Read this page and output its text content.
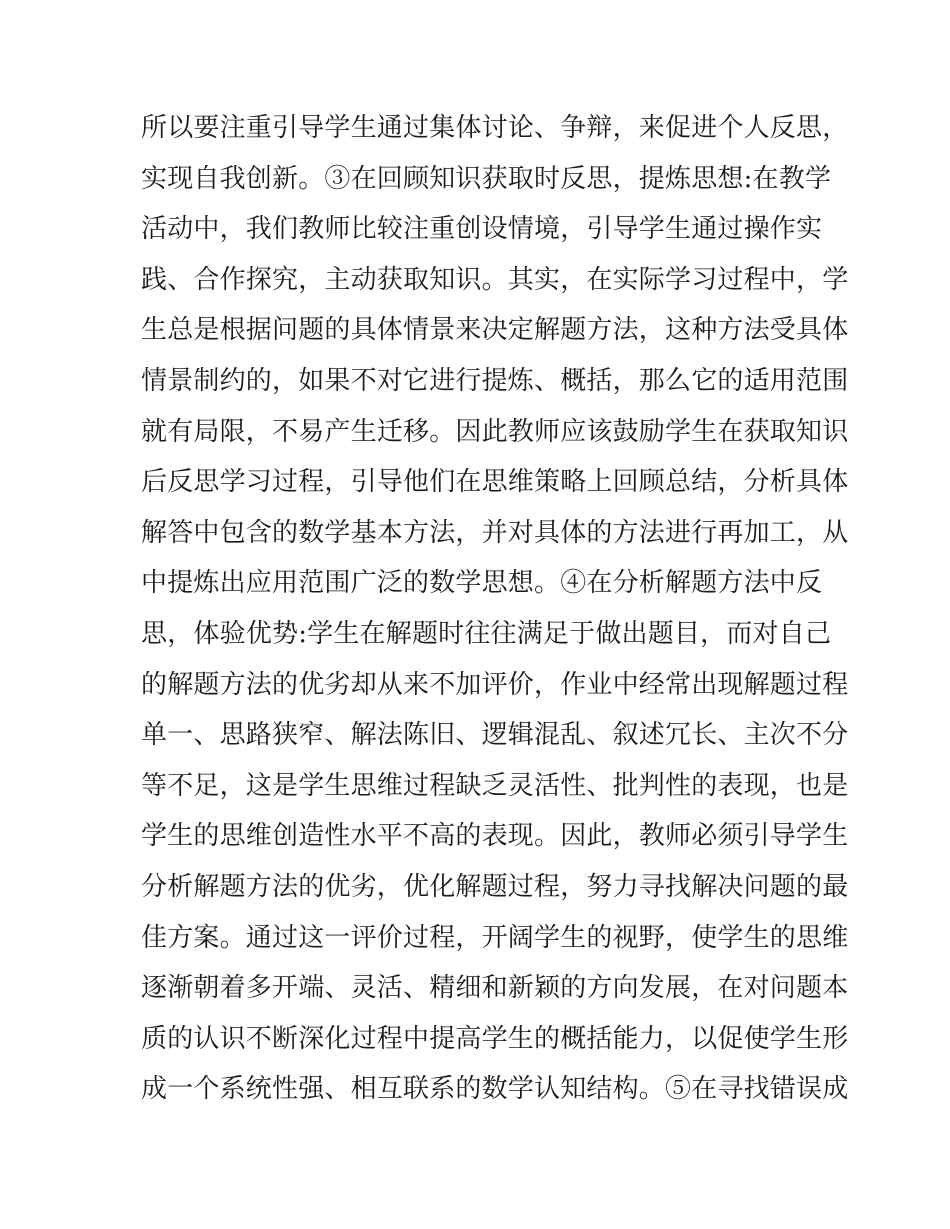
所以要注重引导学生通过集体讨论、争辩，来促进个人反思，
实现自我创新。③在回顾知识获取时反思，提炼思想:在教学
活动中，我们教师比较注重创设情境，引导学生通过操作实
践、合作探究，主动获取知识。其实，在实际学习过程中，学
生总是根据问题的具体情景来决定解题方法，这种方法受具体
情景制约的，如果不对它进行提炼、概括，那么它的适用范围
就有局限，不易产生迁移。因此教师应该鼓励学生在获取知识
后反思学习过程，引导他们在思维策略上回顾总结，分析具体
解答中包含的数学基本方法，并对具体的方法进行再加工，从
中提炼出应用范围广泛的数学思想。④在分析解题方法中反
思，体验优势:学生在解题时往往满足于做出题目，而对自己
的解题方法的优劣却从来不加评价，作业中经常出现解题过程
单一、思路狭窄、解法陈旧、逻辑混乱、叙述冗长、主次不分
等不足，这是学生思维过程缺乏灵活性、批判性的表现，也是
学生的思维创造性水平不高的表现。因此，教师必须引导学生
分析解题方法的优劣，优化解题过程，努力寻找解决问题的最
佳方案。通过这一评价过程，开阔学生的视野，使学生的思维
逐渐朝着多开端、灵活、精细和新颖的方向发展，在对问题本
质的认识不断深化过程中提高学生的概括能力，以促使学生形
成一个系统性强、相互联系的数学认知结构。⑤在寻找错误成
